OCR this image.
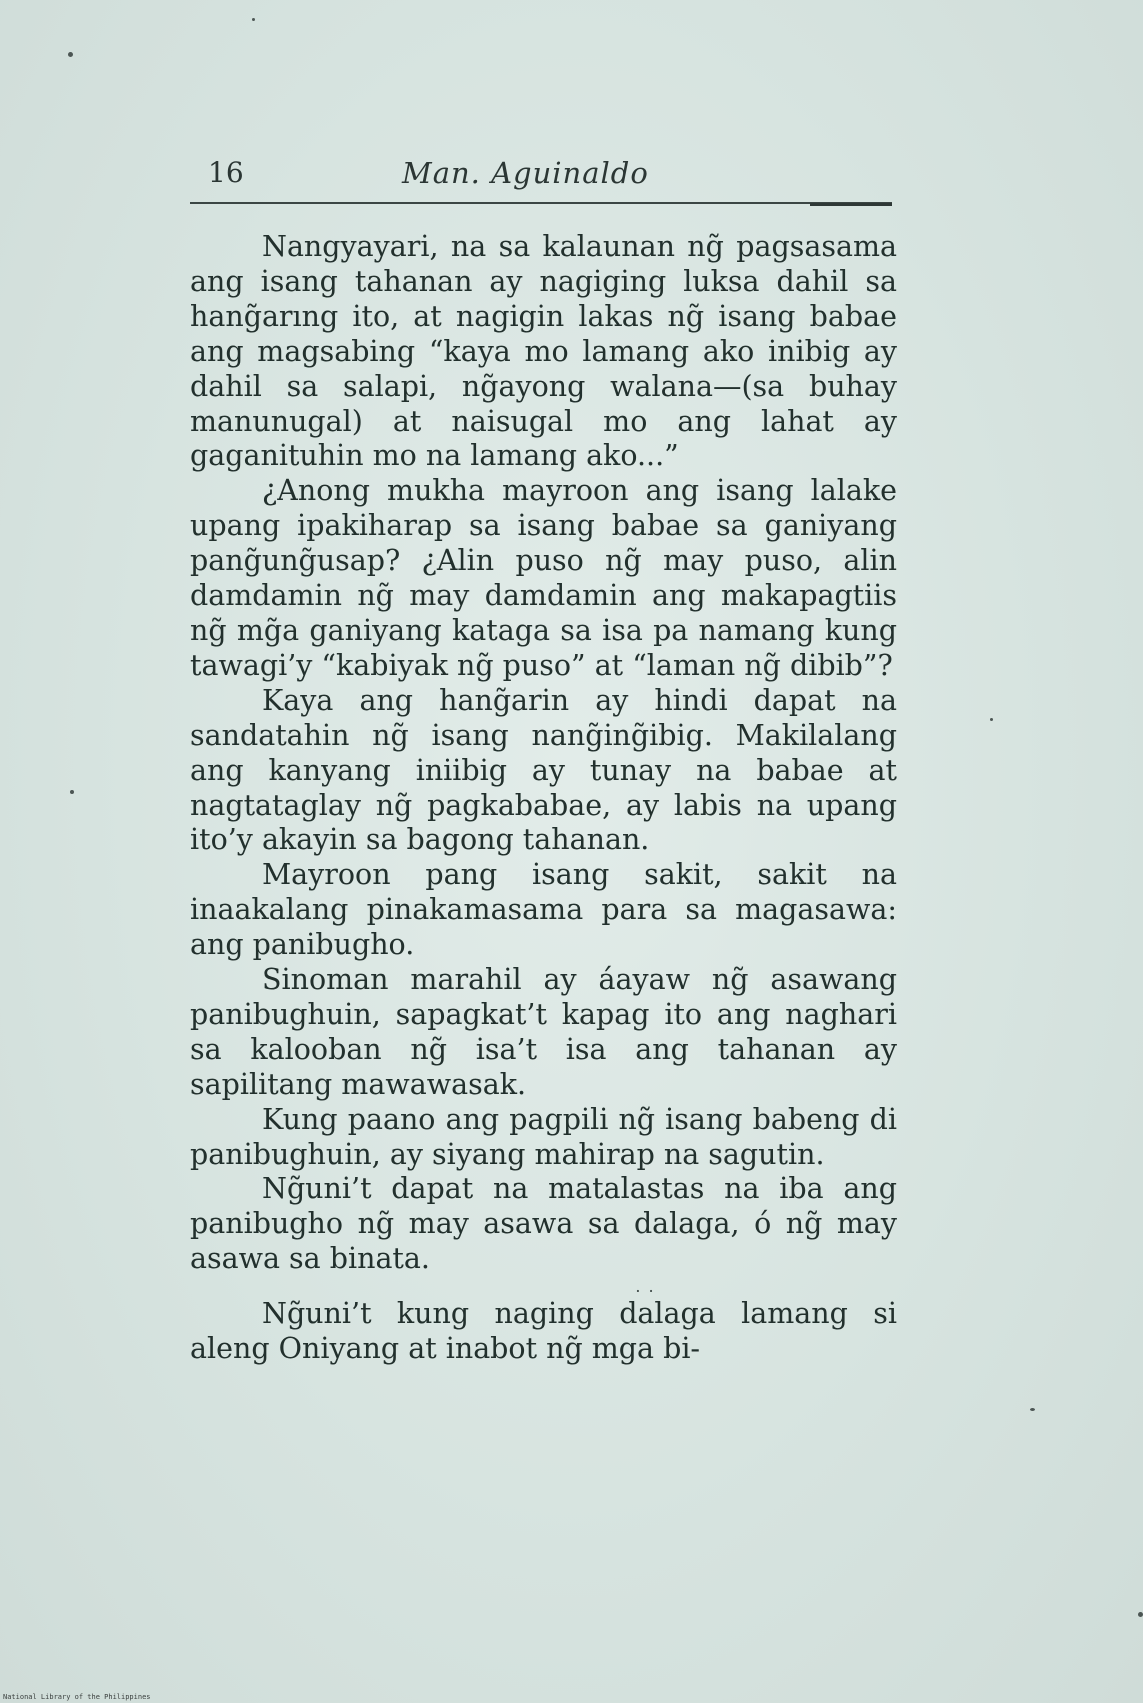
16	Man. Aguinaldo

Nangyayari, na sa kalaunan ng̃ pagsasama ang isang tahanan ay nagiging luksa dahil sa hang̃arıng ito, at nagigin lakas ng̃ isang babae ang magsabing “kaya mo lamang ako inibig ay dahil sa salapi, ng̃ayong walana—(sa buhay manunugal) at naisugal mo ang lahat ay gaganituhin mo na lamang ako...”

¿Anong mukha mayroon ang isang lalake upang ipakiharap sa isang babae sa ganiyang pang̃ung̃usap? ¿Alin puso ng̃ may puso, alin damdamin ng̃ may damdamin ang makapagtiis ng̃ mg̃a ganiyang kataga sa isa pa namang kung tawagi’y “kabiyak ng̃ puso” at “laman ng̃ dibib”?

Kaya ang hang̃arin ay hindi dapat na sandatahin ng̃ isang nang̃ing̃ibig. Makilalang ang kanyang iniibig ay tunay na babae at nagtataglay ng̃ pagkababae, ay labis na upang ito’y akayin sa bagong tahanan.

Mayroon pang isang sakit, sakit na inaakalang pinakamasama para sa magasawa: ang panibugho.

Sinoman marahil ay áayaw ng̃ asawang panibughuin, sapagkat’t kapag ito ang naghari sa kalooban ng̃ isa’t isa ang tahanan ay sapilitang mawawasak.

Kung paano ang pagpili ng̃ isang babeng di panibughuin, ay siyang mahirap na sagutin.

Ng̃uni’t dapat na matalastas na iba ang panibugho ng̃ may asawa sa dalaga, ó ng̃ may asawa sa binata.

..

Ng̃uni’t kung naging dalaga lamang si aleng Oniyang at inabot ng̃ mga bi-

National Library of the Philippines
